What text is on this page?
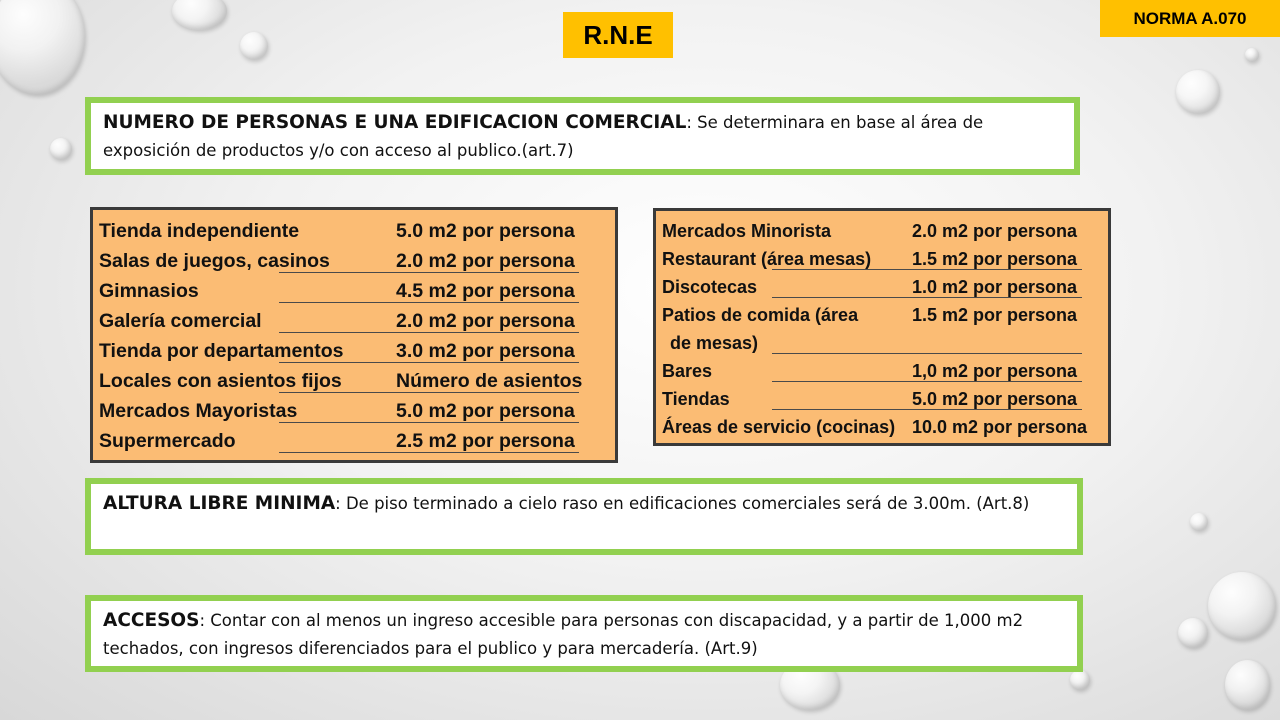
NORMA A.070
R.N.E
NUMERO DE PERSONAS E UNA EDIFICACION COMERCIAL: Se determinara en base al área de exposición de productos y/o con acceso al publico.(art.7)
Tienda independiente	5.0 m2 por persona
Salas de juegos, casinos	2.0 m2 por persona
Gimnasios	4.5 m2 por persona
Galería comercial	2.0 m2 por persona
Tienda por departamentos	3.0 m2 por persona
Locales con asientos fijos	Número de asientos
Mercados Mayoristas	5.0 m2 por persona
Supermercado	2.5 m2 por persona
Mercados Minorista	2.0 m2 por persona
Restaurant (área mesas) 1.5 m2 por persona
Discotecas	1.0 m2 por persona
Patios de comida (área	1.5 m2 por persona
de mesas)
Bares	1,0 m2 por persona
Tiendas	5.0 m2 por persona
Áreas de servicio (cocinas) 10.0 m2 por persona
ALTURA LIBRE MINIMA: De piso terminado a cielo raso en edificaciones comerciales será de 3.00m. (Art.8)
ACCESOS: Contar con al menos un ingreso accesible para personas con discapacidad, y a partir de 1,000 m2 techados, con ingresos diferenciados para el publico y para mercadería. (Art.9)
